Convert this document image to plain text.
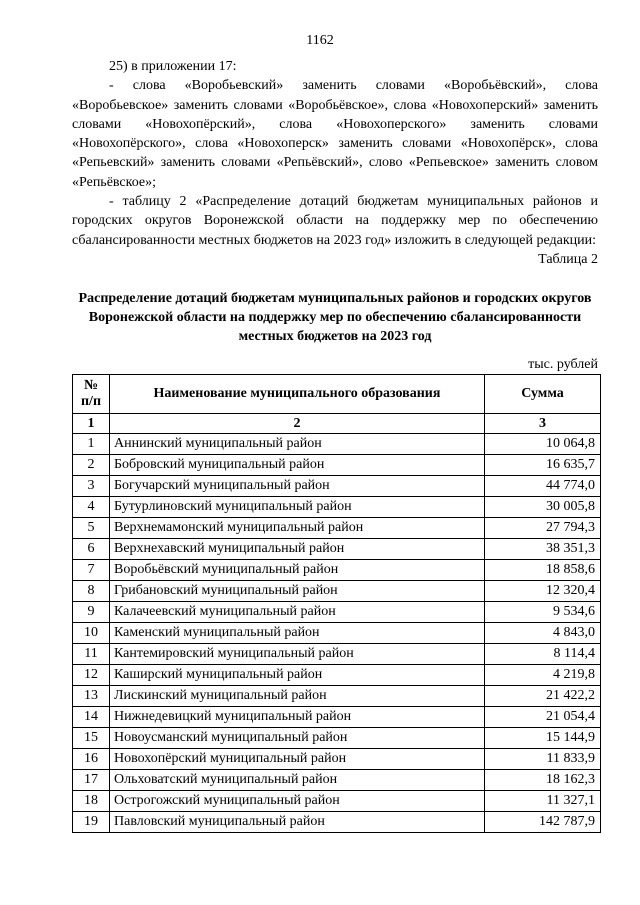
1162

25) в приложении 17:

- слова «Воробьевский» заменить словами «Воробьёвский», слова «Воробьевское» заменить словами «Воробьёвское», слова «Новохоперский» заменить словами «Новохопёрский», слова «Новохоперского» заменить словами «Новохопёрского», слова «Новохоперск» заменить словами «Новохопёрск», слова «Репьевский» заменить словами «Репьёвский», слово «Репьевское» заменить словом «Репьёвское»;

- таблицу 2 «Распределение дотаций бюджетам муниципальных районов и городских округов Воронежской области на поддержку мер по обеспечению сбалансированности местных бюджетов на 2023 год» изложить в следующей редакции:

Таблица 2
Распределение дотаций бюджетам муниципальных районов и городских округов Воронежской области на поддержку мер по обеспечению сбалансированности местных бюджетов на 2023 год
тыс. рублей
№ п/п	Наименование муниципального образования	Сумма
1	2	3
1	Аннинский муниципальный район	10 064,8
2	Бобровский муниципальный район	16 635,7
3	Богучарский муниципальный район	44 774,0
4	Бутурлиновский муниципальный район	30 005,8
5	Верхнемамонский муниципальный район	27 794,3
6	Верхнехавский муниципальный район	38 351,3
7	Воробьёвский муниципальный район	18 858,6
8	Грибановский муниципальный район	12 320,4
9	Калачеевский муниципальный район	9 534,6
10	Каменский муниципальный район	4 843,0
11	Кантемировский муниципальный район	8 114,4
12	Каширский муниципальный район	4 219,8
13	Лискинский муниципальный район	21 422,2
14	Нижнедевицкий муниципальный район	21 054,4
15	Новоусманский муниципальный район	15 144,9
16	Новохопёрский муниципальный район	11 833,9
17	Ольховатский муниципальный район	18 162,3
18	Острогожский муниципальный район	11 327,1
19	Павловский муниципальный район	142 787,9
